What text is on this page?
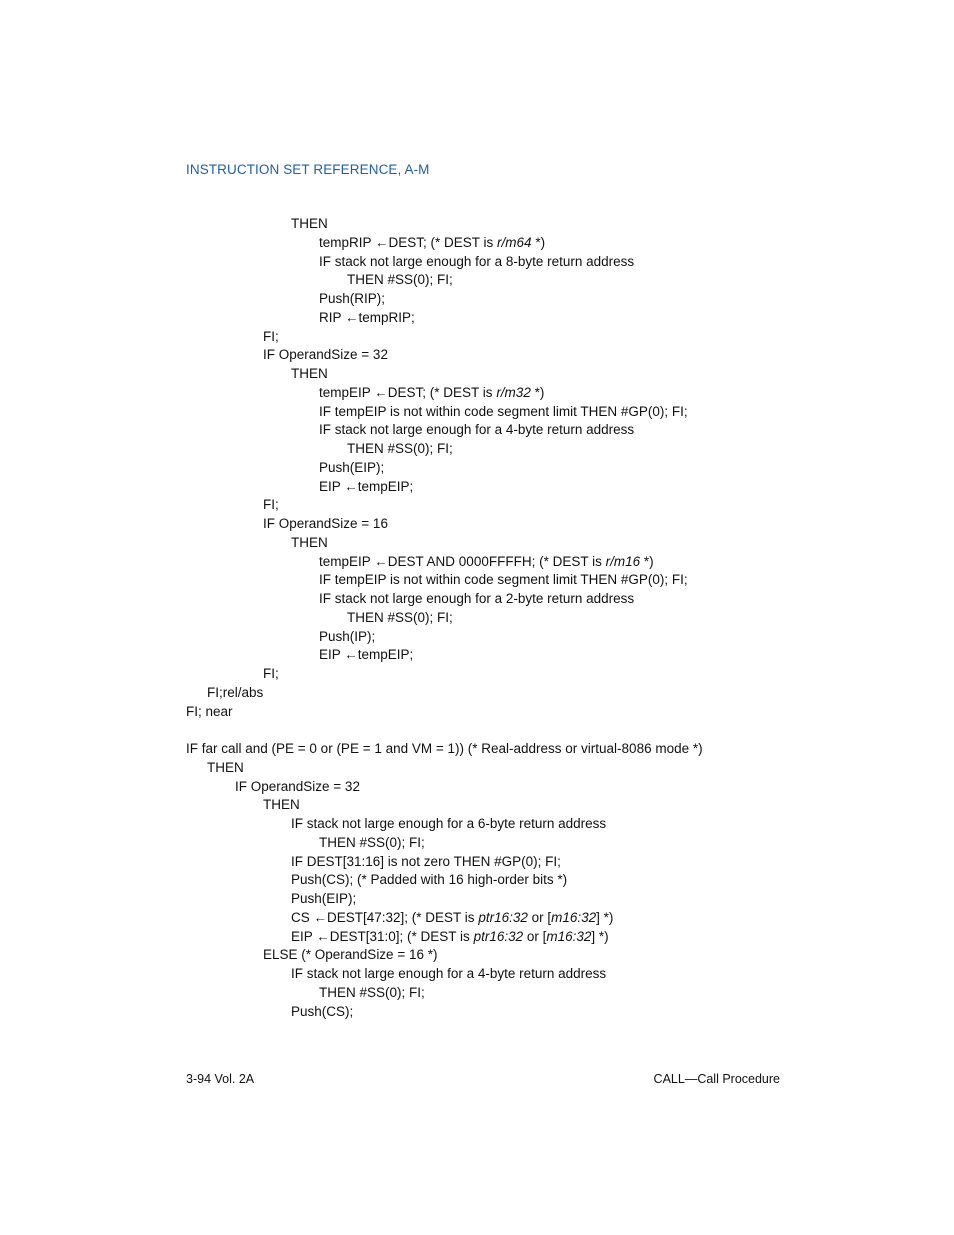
INSTRUCTION SET REFERENCE, A-M
THEN
tempRIP ←DEST; (* DEST is r/m64 *)
IF stack not large enough for a 8-byte return address
THEN #SS(0); FI;
Push(RIP);
RIP ←tempRIP;
FI;
IF OperandSize = 32
THEN
tempEIP ←DEST; (* DEST is r/m32 *)
IF tempEIP is not within code segment limit THEN #GP(0); FI;
IF stack not large enough for a 4-byte return address
THEN #SS(0); FI;
Push(EIP);
EIP ←tempEIP;
FI;
IF OperandSize = 16
THEN
tempEIP ←DEST AND 0000FFFFH; (* DEST is r/m16 *)
IF tempEIP is not within code segment limit THEN #GP(0); FI;
IF stack not large enough for a 2-byte return address
THEN #SS(0); FI;
Push(IP);
EIP ←tempEIP;
FI;
FI;rel/abs
FI; near
IF far call and (PE = 0 or (PE = 1 and VM = 1)) (* Real-address or virtual-8086 mode *)
THEN
IF OperandSize = 32
THEN
IF stack not large enough for a 6-byte return address
THEN #SS(0); FI;
IF DEST[31:16] is not zero THEN #GP(0); FI;
Push(CS); (* Padded with 16 high-order bits *)
Push(EIP);
CS ←DEST[47:32]; (* DEST is ptr16:32 or [m16:32] *)
EIP ←DEST[31:0]; (* DEST is ptr16:32 or [m16:32] *)
ELSE (* OperandSize = 16 *)
IF stack not large enough for a 4-byte return address
THEN #SS(0); FI;
Push(CS);
3-94 Vol. 2A	CALL—Call Procedure
